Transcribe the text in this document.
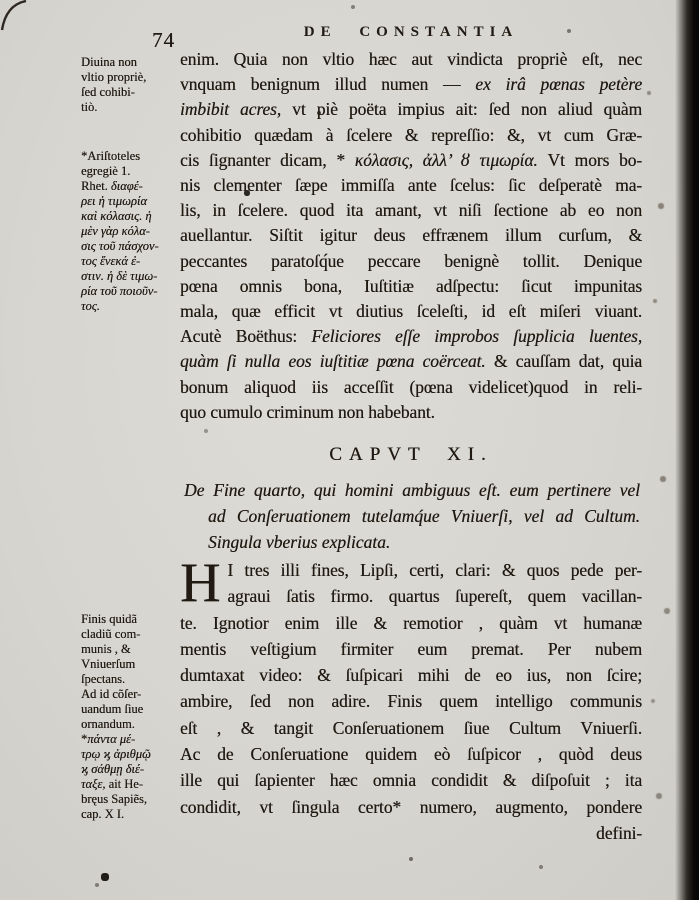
74	DE CONSTANTIA
Diuina non
vltio propriè,
ſed cohibi-
tiò.
*Ariſtoteles
egregiè 1.
Rhet. διαφέ-
ρει ἡ τιμωρία
καὶ κόλασις. ἡ
μὲν γὰρ κόλα-
σις τοῦ πάσχον-
τος ἕνεκά ἐ-
στιν. ἡ δὲ τιμω-
ρία τοῦ ποιοῦν-
τος.
Finis quidã
cladiũ com-
munis , &
Vniuerſum
ſpectans.
Ad id cõſer-
uandum ſiue
ornandum.
*πάντα μέ-
τρῳ ϗ ἀριθμῷ
ϗ σάθμῃ διέ-
ταξε, ait He-
bręus Sapiẽs,
cap. X I.
enim. Quia non vltio hæc aut vindicta propriè eſt, nec
vnquam benignum illud numen — ex irâ pœnas petère
imbibit acres, vt piè poëta impius ait: ſed non aliud quàm
cohibitio quædam à ſcelere & repreſſio: &, vt cum Græ-
cis ſignanter dicam, * κόλασις, ἀλλ’ ȣ τιμωρία. Vt mors bo-
nis clementer ſæpe immiſſa ante ſcelus: ſic deſperatè ma-
lis, in ſcelere. quod ita amant, vt niſi ſectione ab eo non
auellantur. Siſtit igitur deus effrænem illum curſum, &
peccantes paratoſq́ue peccare benignè tollit. Denique
pœna omnis bona, Iuſtitiæ adſpectu: ſicut impunitas
mala, quæ efficit vt diutius ſceleſti, id eſt miſeri viuant.
Acutè Boëthus: Feliciores eſſe improbos ſupplicia luentes,
quàm ſi nulla eos iuſtitiæ pœna coërceat. & cauſſam dat, quia
bonum aliquod iis acceſſit (pœna videlicet)quod in reli-
quo cumulo criminum non habebant.
CAPVT XI.
De Fine quarto, qui homini ambiguus eſt. eum pertinere vel
ad Conſeruationem tutelamq́ue Vniuerſi, vel ad Cultum.
Singula vberius explicata.
H I tres illi fines, Lipſi, certi, clari: & quos pede per-
agraui ſatis firmo. quartus ſupereſt, quem vacillan-
te. Ignotior enim ille & remotior , quàm vt humanæ
mentis veſtigium firmiter eum premat. Per nubem
dumtaxat video: & ſuſpicari mihi de eo ius, non ſcire;
ambire, ſed non adire. Finis quem intelligo communis
eſt , & tangit Conſeruationem ſiue Cultum Vniuerſi.
Ac de Conſeruatione quidem eò ſuſpicor , quòd deus
ille qui ſapienter hæc omnia condidit & diſpoſuit ; ita
condidit, vt ſingula certo* numero, augmento, pondere
defini-
